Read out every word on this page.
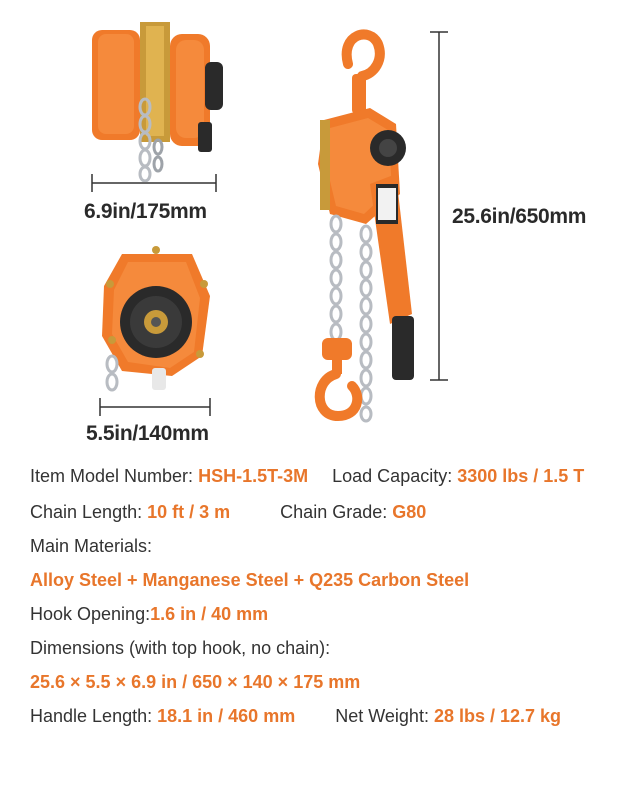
6.9in/175mm
5.5in/140mm
25.6in/650mm
Item Model Number: HSH-1.5T-3M Load Capacity: 3300 lbs / 1.5 T
Chain Length: 10 ft / 3 m	Chain Grade: G80
Main Materials:
Alloy Steel + Manganese Steel + Q235 Carbon Steel
Hook Opening:1.6 in / 40 mm
Dimensions (with top hook, no chain):
25.6 × 5.5 × 6.9 in / 650 × 140 × 175 mm
Handle Length: 18.1 in / 460 mm Net Weight: 28 lbs / 12.7 kg
